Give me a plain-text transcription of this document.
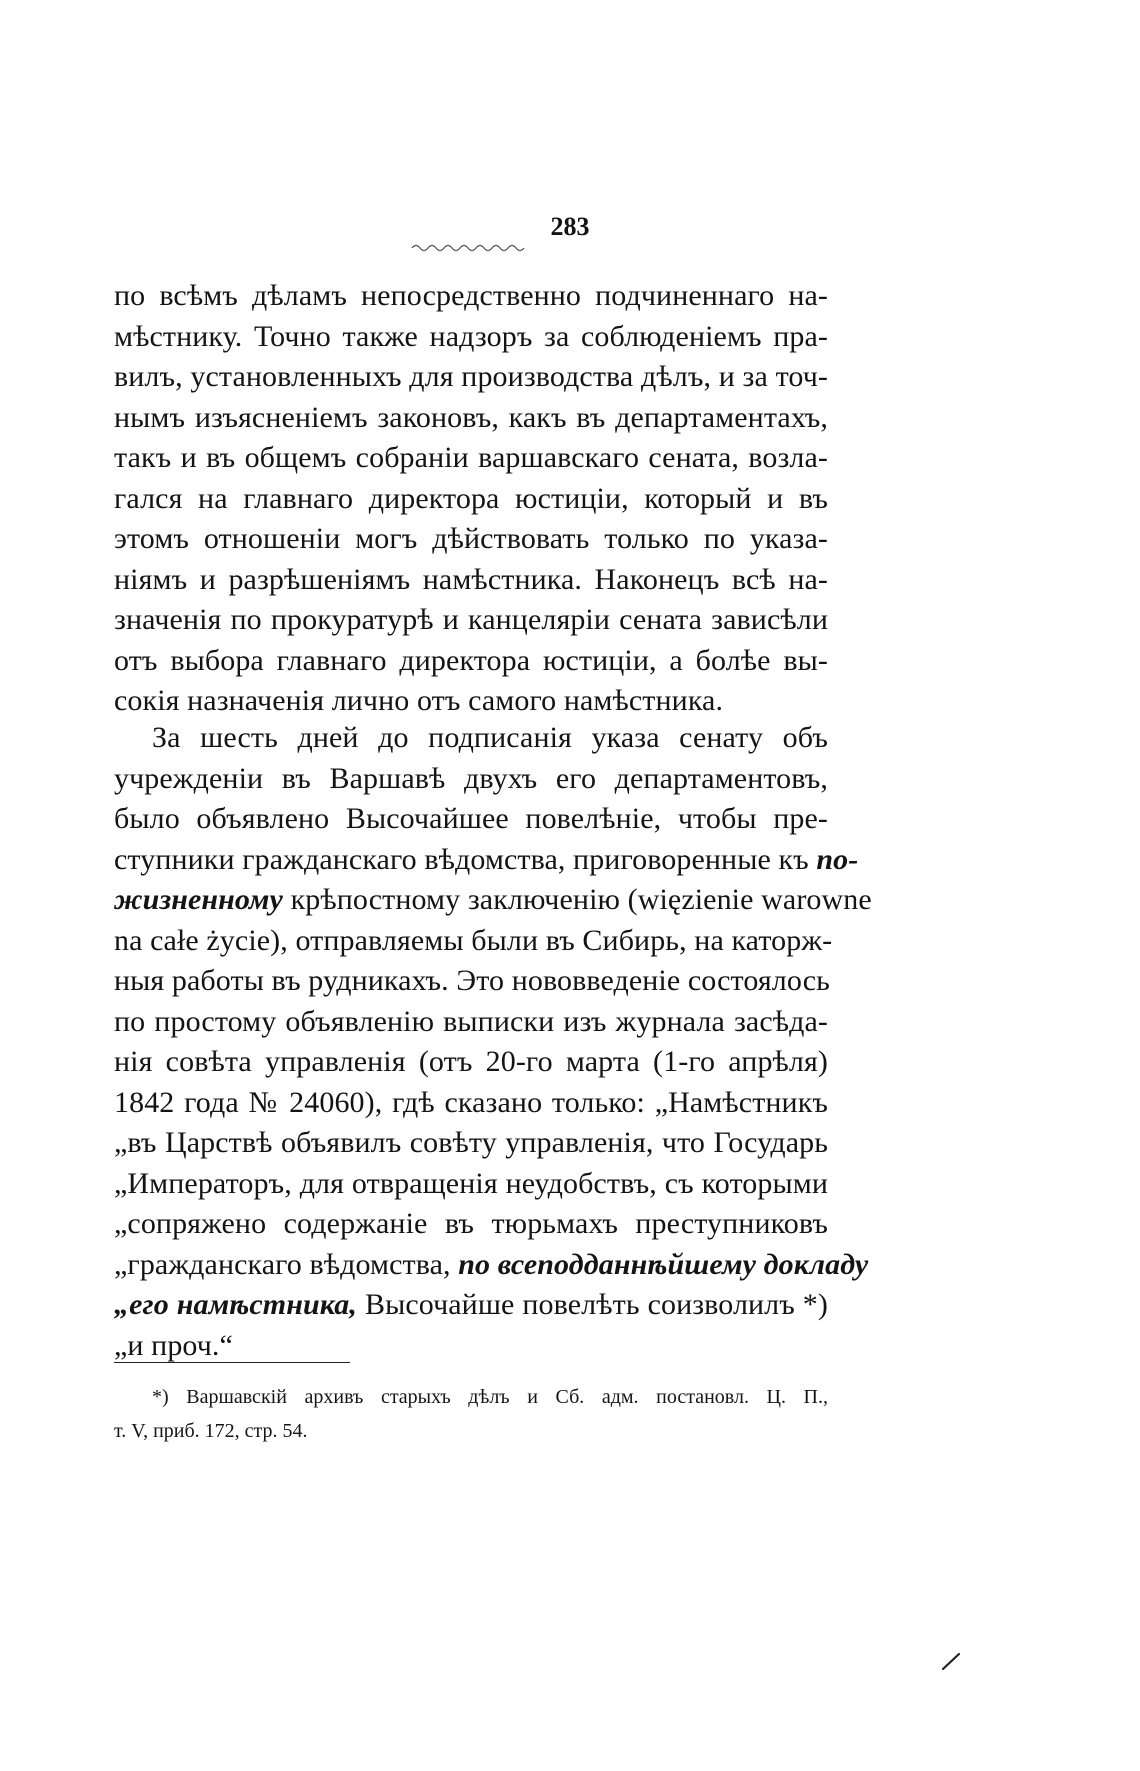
283
по всѣмъ дѣламъ непосредственно подчиненнаго на-
мѣстнику. Точно также надзоръ за соблюденіемъ пра-
вилъ, установленныхъ для производства дѣлъ, и за точ-
нымъ изъясненіемъ законовъ, какъ въ департаментахъ,
такъ и въ общемъ собраніи варшавскаго сената, возла-
гался на главнаго директора юстиціи, который и въ
этомъ отношеніи могъ дѣйствовать только по указа-
ніямъ и разрѣшеніямъ намѣстника. Наконецъ всѣ на-
значенія по прокуратурѣ и канцеляріи сената зависѣли
отъ выбора главнаго директора юстиціи, а болѣе вы-
сокія назначенія лично отъ самого намѣстника.
За шесть дней до подписанія указа сенату объ
учрежденіи въ Варшавѣ двухъ его департаментовъ,
было объявлено Высочайшее повелѣніе, чтобы пре-
ступники гражданскаго вѣдомства, приговоренные къ по-
жизненному крѣпостному заключенію (więzienie warowne
na całe życie), отправляемы были въ Сибирь, на каторж-
ныя работы въ рудникахъ. Это нововведеніе состоялось
по простому объявленію выписки изъ журнала засѣда-
нія совѣта управленія (отъ 20-го марта (1-го апрѣля)
1842 года № 24060), гдѣ сказано только: „Намѣстникъ
„въ Царствѣ объявилъ совѣту управленія, что Государь
„Императоръ, для отвращенія неудобствъ, съ которыми
„сопряжено содержаніе въ тюрьмахъ преступниковъ
„гражданскаго вѣдомства, по всеподданнѣйшему докладу
„его намѣстника, Высочайше повелѣть соизволилъ *)
„и проч.“
*) Варшавскій архивъ старыхъ дѣлъ и Сб. адм. постановл. Ц. П.,
т. V, приб. 172, стр. 54.
